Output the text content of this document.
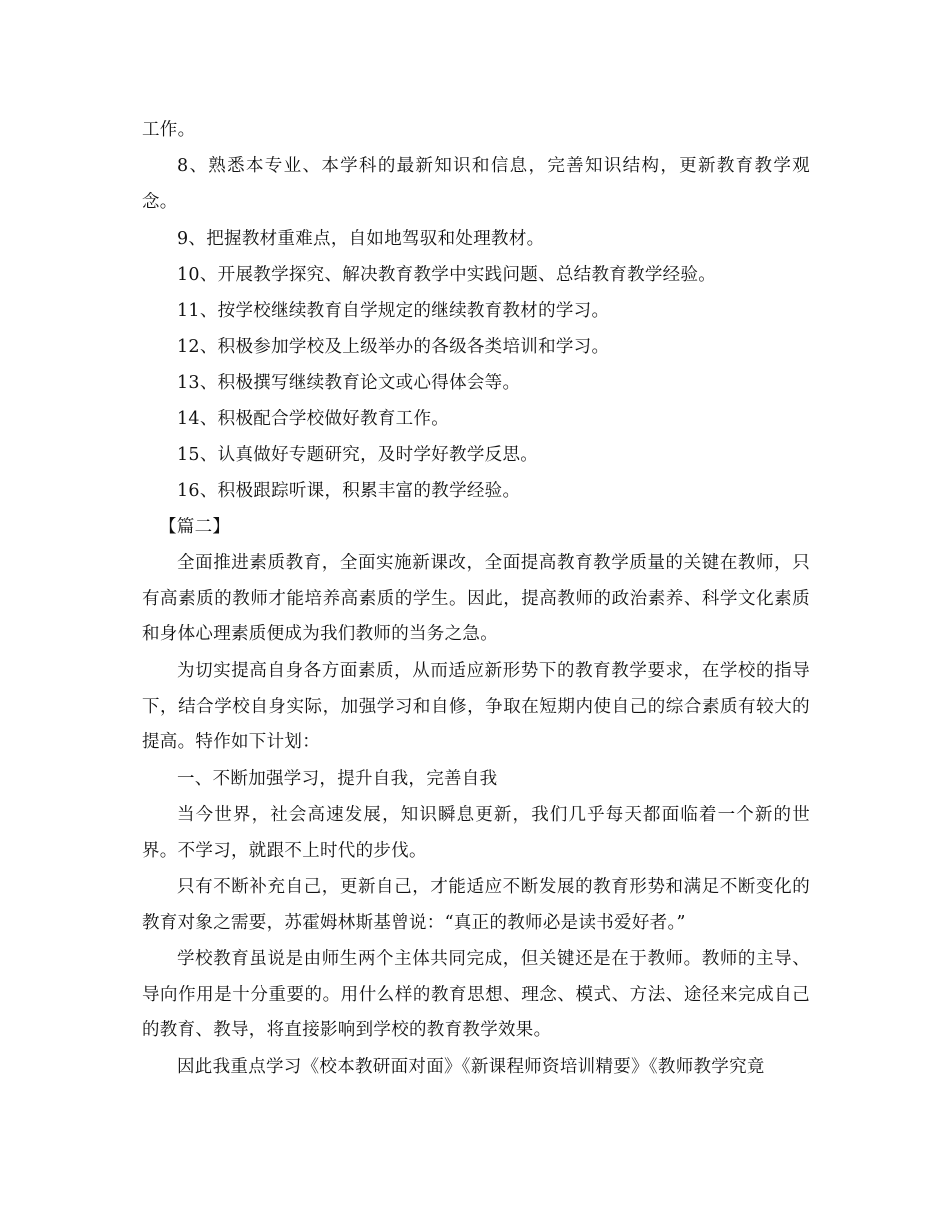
工作。

8、熟悉本专业、本学科的最新知识和信息，完善知识结构，更新教育教学观念。

9、把握教材重难点，自如地驾驭和处理教材。

10、开展教学探究、解决教育教学中实践问题、总结教育教学经验。

11、按学校继续教育自学规定的继续教育教材的学习。

12、积极参加学校及上级举办的各级各类培训和学习。

13、积极撰写继续教育论文或心得体会等。

14、积极配合学校做好教育工作。

15、认真做好专题研究，及时学好教学反思。

16、积极跟踪听课，积累丰富的教学经验。

【篇二】

全面推进素质教育，全面实施新课改，全面提高教育教学质量的关键在教师，只有高素质的教师才能培养高素质的学生。因此，提高教师的政治素养、科学文化素质和身体心理素质便成为我们教师的当务之急。

为切实提高自身各方面素质，从而适应新形势下的教育教学要求，在学校的指导下，结合学校自身实际，加强学习和自修，争取在短期内使自己的综合素质有较大的提高。特作如下计划：

一、不断加强学习，提升自我，完善自我

当今世界，社会高速发展，知识瞬息更新，我们几乎每天都面临着一个新的世界。不学习，就跟不上时代的步伐。

只有不断补充自己，更新自己，才能适应不断发展的教育形势和满足不断变化的教育对象之需要，苏霍姆林斯基曾说：“真正的教师必是读书爱好者。”

学校教育虽说是由师生两个主体共同完成，但关键还是在于教师。教师的主导、导向作用是十分重要的。用什么样的教育思想、理念、模式、方法、途径来完成自己的教育、教导，将直接影响到学校的教育教学效果。

因此我重点学习《校本教研面对面》《新课程师资培训精要》《教师教学究竟
